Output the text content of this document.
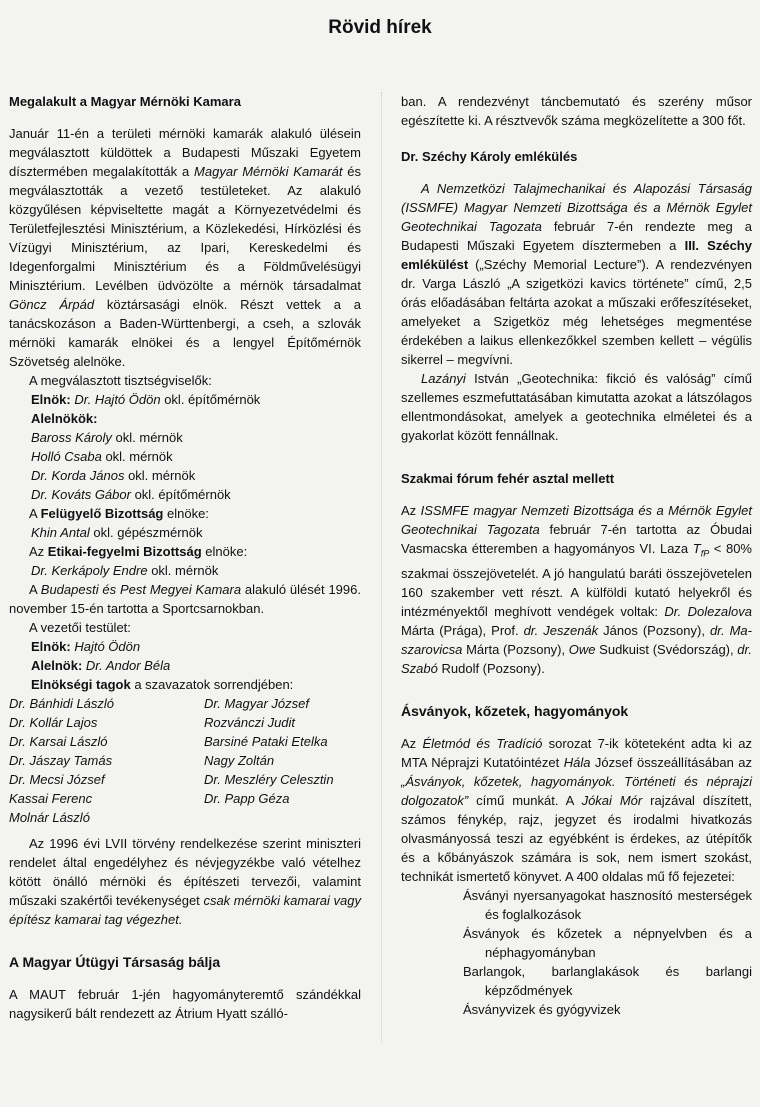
Rövid hírek
Megalakult a Magyar Mérnöki Kamara

Január 11-én a területi mérnöki kamarák alakuló ülésein megválasztott küldöttek a Budapesti Műszaki Egyetem dísztermében megalakították a Magyar Mérnöki Kamarát és megválasztották a vezető testületeket. Az alakuló közgyűlésen képviseltette magát a Környezetvédelmi és Területfejlesztési Minisztérium, a Közlekedési, Hírközlési és Vízügyi Minisztérium, az Ipari, Kereskedelmi és Idegenforgalmi Minisztérium és a Földművelésügyi Minisztérium. Levélben üdvözölte a mérnök társadalmat Göncz Árpád köztársasági elnök. Részt vettek a a tanácskozáson a Baden-Württenbergi, a cseh, a szlovák mérnöki kamarák elnökei és a lengyel Építőmérnök Szövetség alelnöke.

A megválasztott tisztségviselők:

Elnök: Dr. Hajtó Ödön okl. építőmérnök

Alelnökök:

Baross Károly okl. mérnök

Holló Csaba okl. mérnök

Dr. Korda János okl. mérnök

Dr. Kováts Gábor okl. építőmérnök

A Felügyelő Bizottság elnöke:

Khin Antal okl. gépészmérnök

Az Etikai-fegyelmi Bizottság elnöke:

Dr. Kerkápoly Endre okl. mérnök

A Budapesti és Pest Megyei Kamara alakuló ülését 1996. november 15-én tartotta a Sportcsarnokban.

A vezetői testület:

Elnök: Hajtó Ödön

Alelnök: Dr. Andor Béla

Elnökségi tagok a szavazatok sorrendjében:

Dr. Bánhidi László	Dr. Magyar József
Dr. Kollár Lajos	Rozvánczi Judit
Dr. Karsai László	Barsiné Pataki Etelka
Dr. Jászay Tamás	Nagy Zoltán
Dr. Mecsi József	Dr. Meszléry Celesztin
Kassai Ferenc	Dr. Papp Géza
Molnár László

Az 1996 évi LVII törvény rendelkezése szerint miniszteri rendelet által engedélyhez és névjegyzékbe való vételhez kötött önálló mérnöki és építészeti tervezői, valamint műszaki szakértői tevékenységet csak mérnöki kamarai vagy építész kamarai tag végezhet.

A Magyar Útügyi Társaság bálja

A MAUT február 1-jén hagyományteremtő szándékkal nagysikerű bált rendezett az Átrium Hyatt szálló-

ban. A rendezvényt táncbemutató és szerény műsor egészítette ki. A résztvevők száma megközelítette a 300 főt.

Dr. Széchy Károly emlékülés

A Nemzetközi Talajmechanikai és Alapozási Társaság (ISSMFE) Magyar Nemzeti Bizottsága és a Mérnök Egylet Geotechnikai Tagozata február 7-én rendezte meg a Budapesti Műszaki Egyetem dísztermeben a III. Széchy emlékülést („Széchy Memorial Lecture”). A rendezvényen dr. Varga László „A szigetközi kavics története” című, 2,5 órás előadásában feltárta azokat a műszaki erőfeszítéseket, amelyeket a Szigetköz még lehetséges megmentése érdekében a laikus ellenkezőkkel szemben kellett – végülis sikerrel – megvívni.

Lazányi István „Geotechnika: fikció és valóság” című szellemes eszmefuttatásában kimutatta azokat a látszólagos ellentmondásokat, amelyek a geotechnika elméletei és a gyakorlat között fennállnak.

Szakmai fórum fehér asztal mellett

Az ISSMFE magyar Nemzeti Bizottsága és a Mérnök Egylet Geotechnikai Tagozata február 7-én tartotta az Óbudai Vasmacska étteremben a hagyományos VI. Laza $T_{fP} < 80\%$ szakmai összejövetelét. A jó hangulatú baráti összejövetelen 160 szakember vett részt. A külföldi kutató helyekről és intézményektől meghívott vendégek voltak: Dr. Dolezalova Márta (Prága), Prof. dr. Jeszenák János (Pozsony), dr. Maszarovicsa Márta (Pozsony), Owe Sudkuist (Svédország), dr. Szabó Rudolf (Pozsony).

Ásványok, kőzetek, hagyományok

Az Életmód és Tradíció sorozat 7-ik köteteként adta ki az MTA Néprajzi Kutatóintézet Hála József összeállításában az „Ásványok, kőzetek, hagyományok. Történeti és néprajzi dolgozatok” című munkát. A Jókai Mór rajzával díszített, számos fénykép, rajz, jegyzet és irodalmi hivatkozás olvasmányossá teszi az egyébként is érdekes, az útépítők és a kőbányászok számára is sok, nem ismert szokást, technikát ismertető könyvet. A 400 oldalas mű fő fejezetei:

Ásványi nyersanyagokat hasznosító mesterségek és foglalkozások

Ásványok és kőzetek a népnyelvben és a néphagyományban

Barlangok, barlanglakások és barlangi képződmények

Ásványvizek és gyógyvizek
